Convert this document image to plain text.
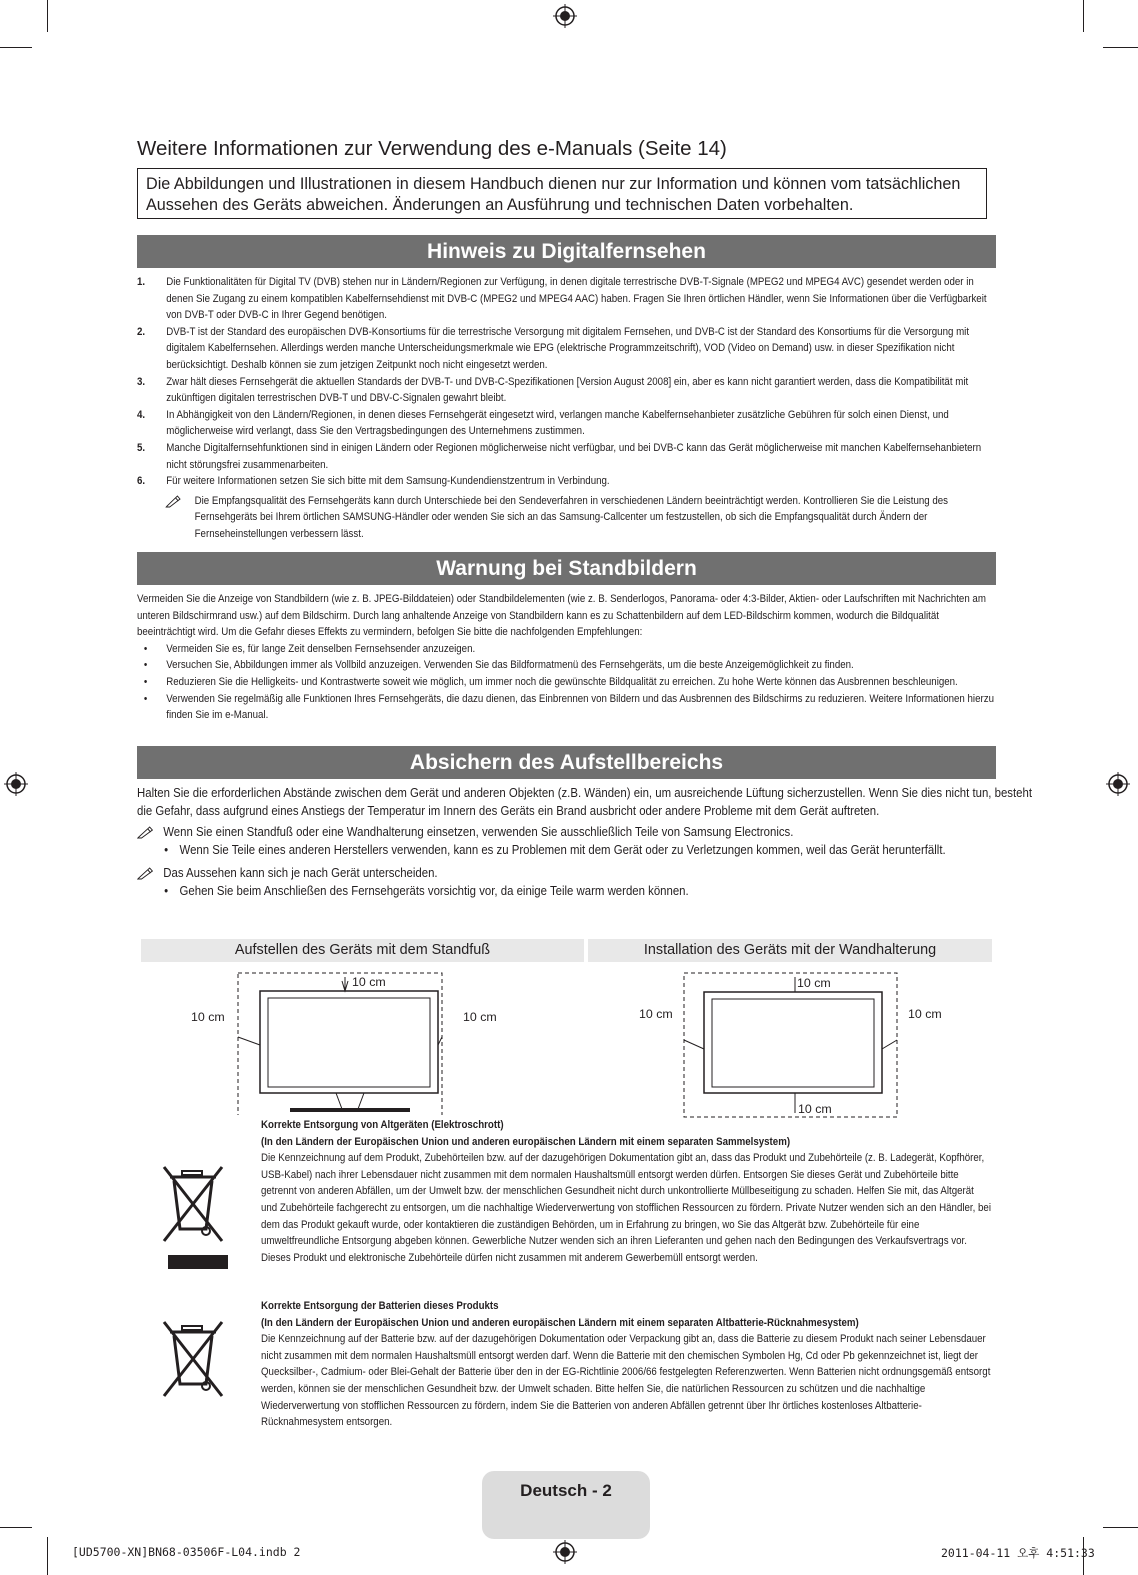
Weitere Informationen zur Verwendung des e-Manuals (Seite 14)
Die Abbildungen und Illustrationen in diesem Handbuch dienen nur zur Information und können vom tatsächlichen Aussehen des Geräts abweichen. Änderungen an Ausführung und technischen Daten vorbehalten.
Hinweis zu Digitalfernsehen
1. Die Funktionalitäten für Digital TV (DVB) stehen nur in Ländern/Regionen zur Verfügung, in denen digitale terrestrische DVB-T-Signale (MPEG2 und MPEG4 AVC) gesendet werden oder in denen Sie Zugang zu einem kompatiblen Kabelfernsehdienst mit DVB-C (MPEG2 und MPEG4 AAC) haben. Fragen Sie Ihren örtlichen Händler, wenn Sie Informationen über die Verfügbarkeit von DVB-T oder DVB-C in Ihrer Gegend benötigen.
2. DVB-T ist der Standard des europäischen DVB-Konsortiums für die terrestrische Versorgung mit digitalem Fernsehen, und DVB-C ist der Standard des Konsortiums für die Versorgung mit digitalem Kabelfernsehen. Allerdings werden manche Unterscheidungsmerkmale wie EPG (elektrische Programmzeitschrift), VOD (Video on Demand) usw. in dieser Spezifikation nicht berücksichtigt. Deshalb können sie zum jetzigen Zeitpunkt noch nicht eingesetzt werden.
3. Zwar hält dieses Fernsehgerät die aktuellen Standards der DVB-T- und DVB-C-Spezifikationen [Version August 2008] ein, aber es kann nicht garantiert werden, dass die Kompatibilität mit zukünftigen digitalen terrestrischen DVB-T und DBV-C-Signalen gewahrt bleibt.
4. In Abhängigkeit von den Ländern/Regionen, in denen dieses Fernsehgerät eingesetzt wird, verlangen manche Kabelfernsehanbieter zusätzliche Gebühren für solch einen Dienst, und möglicherweise wird verlangt, dass Sie den Vertragsbedingungen des Unternehmens zustimmen.
5. Manche Digitalfernsehfunktionen sind in einigen Ländern oder Regionen möglicherweise nicht verfügbar, und bei DVB-C kann das Gerät möglicherweise mit manchen Kabelfernsehanbietern nicht störungsfrei zusammenarbeiten.
6. Für weitere Informationen setzen Sie sich bitte mit dem Samsung-Kundendienstzentrum in Verbindung.
Die Empfangsqualität des Fernsehgeräts kann durch Unterschiede bei den Sendeverfahren in verschiedenen Ländern beeinträchtigt werden. Kontrollieren Sie die Leistung des Fernsehgeräts bei Ihrem örtlichen SAMSUNG-Händler oder wenden Sie sich an das Samsung-Callcenter um festzustellen, ob sich die Empfangsqualität durch Ändern der Fernseheinstellungen verbessern lässt.
Warnung bei Standbildern
Vermeiden Sie die Anzeige von Standbildern (wie z. B. JPEG-Bilddateien) oder Standbildelementen (wie z. B. Senderlogos, Panorama- oder 4:3-Bilder, Aktien- oder Laufschriften mit Nachrichten am unteren Bildschirmrand usw.) auf dem Bildschirm. Durch lang anhaltende Anzeige von Standbildern kann es zu Schattenbildern auf dem LED-Bildschirm kommen, wodurch die Bildqualität beeinträchtigt wird. Um die Gefahr dieses Effekts zu vermindern, befolgen Sie bitte die nachfolgenden Empfehlungen:
• Vermeiden Sie es, für lange Zeit denselben Fernsehsender anzuzeigen.
• Versuchen Sie, Abbildungen immer als Vollbild anzuzeigen. Verwenden Sie das Bildformatmenü des Fernsehgeräts, um die beste Anzeigemöglichkeit zu finden.
• Reduzieren Sie die Helligkeits- und Kontrastwerte soweit wie möglich, um immer noch die gewünschte Bildqualität zu erreichen. Zu hohe Werte können das Ausbrennen beschleunigen.
• Verwenden Sie regelmäßig alle Funktionen Ihres Fernsehgeräts, die dazu dienen, das Einbrennen von Bildern und das Ausbrennen des Bildschirms zu reduzieren. Weitere Informationen hierzu finden Sie im e-Manual.
Absichern des Aufstellbereichs
Halten Sie die erforderlichen Abstände zwischen dem Gerät und anderen Objekten (z.B. Wänden) ein, um ausreichende Lüftung sicherzustellen. Wenn Sie dies nicht tun, besteht die Gefahr, dass aufgrund eines Anstiegs der Temperatur im Innern des Geräts ein Brand ausbricht oder andere Probleme mit dem Gerät auftreten.
Wenn Sie einen Standfuß oder eine Wandhalterung einsetzen, verwenden Sie ausschließlich Teile von Samsung Electronics.
• Wenn Sie Teile eines anderen Herstellers verwenden, kann es zu Problemen mit dem Gerät oder zu Verletzungen kommen, weil das Gerät herunterfällt.
Das Aussehen kann sich je nach Gerät unterscheiden.
• Gehen Sie beim Anschließen des Fernsehgeräts vorsichtig vor, da einige Teile warm werden können.
Aufstellen des Geräts mit dem Standfuß	Installation des Geräts mit der Wandhalterung
10 cm
10 cm	10 cm
10 cm
10 cm	10 cm
10 cm
Korrekte Entsorgung von Altgeräten (Elektroschrott)
(In den Ländern der Europäischen Union und anderen europäischen Ländern mit einem separaten Sammelsystem)
Die Kennzeichnung auf dem Produkt, Zubehörteilen bzw. auf der dazugehörigen Dokumentation gibt an, dass das Produkt und Zubehörteile (z. B. Ladegerät, Kopfhörer, USB-Kabel) nach ihrer Lebensdauer nicht zusammen mit dem normalen Haushaltsmüll entsorgt werden dürfen. Entsorgen Sie dieses Gerät und Zubehörteile bitte getrennt von anderen Abfällen, um der Umwelt bzw. der menschlichen Gesundheit nicht durch unkontrollierte Müllbeseitigung zu schaden. Helfen Sie mit, das Altgerät und Zubehörteile fachgerecht zu entsorgen, um die nachhaltige Wiederverwertung von stofflichen Ressourcen zu fördern. Private Nutzer wenden sich an den Händler, bei dem das Produkt gekauft wurde, oder kontaktieren die zuständigen Behörden, um in Erfahrung zu bringen, wo Sie das Altgerät bzw. Zubehörteile für eine umweltfreundliche Entsorgung abgeben können. Gewerbliche Nutzer wenden sich an ihren Lieferanten und gehen nach den Bedingungen des Verkaufsvertrags vor. Dieses Produkt und elektronische Zubehörteile dürfen nicht zusammen mit anderem Gewerbemüll entsorgt werden.
Korrekte Entsorgung der Batterien dieses Produkts
(In den Ländern der Europäischen Union und anderen europäischen Ländern mit einem separaten Altbatterie-Rücknahmesystem)
Die Kennzeichnung auf der Batterie bzw. auf der dazugehörigen Dokumentation oder Verpackung gibt an, dass die Batterie zu diesem Produkt nach seiner Lebensdauer nicht zusammen mit dem normalen Haushaltsmüll entsorgt werden darf. Wenn die Batterie mit den chemischen Symbolen Hg, Cd oder Pb gekennzeichnet ist, liegt der Quecksilber-, Cadmium- oder Blei-Gehalt der Batterie über den in der EG-Richtlinie 2006/66 festgelegten Referenzwerten. Wenn Batterien nicht ordnungsgemäß entsorgt werden, können sie der menschlichen Gesundheit bzw. der Umwelt schaden. Bitte helfen Sie, die natürlichen Ressourcen zu schützen und die nachhaltige Wiederverwertung von stofflichen Ressourcen zu fördern, indem Sie die Batterien von anderen Abfällen getrennt über Ihr örtliches kostenloses Altbatterie- Rücknahmesystem entsorgen.
Deutsch - 2
[UD5700-XN]BN68-03506F-L04.indb 2	2011-04-11 오후 4:51:33
